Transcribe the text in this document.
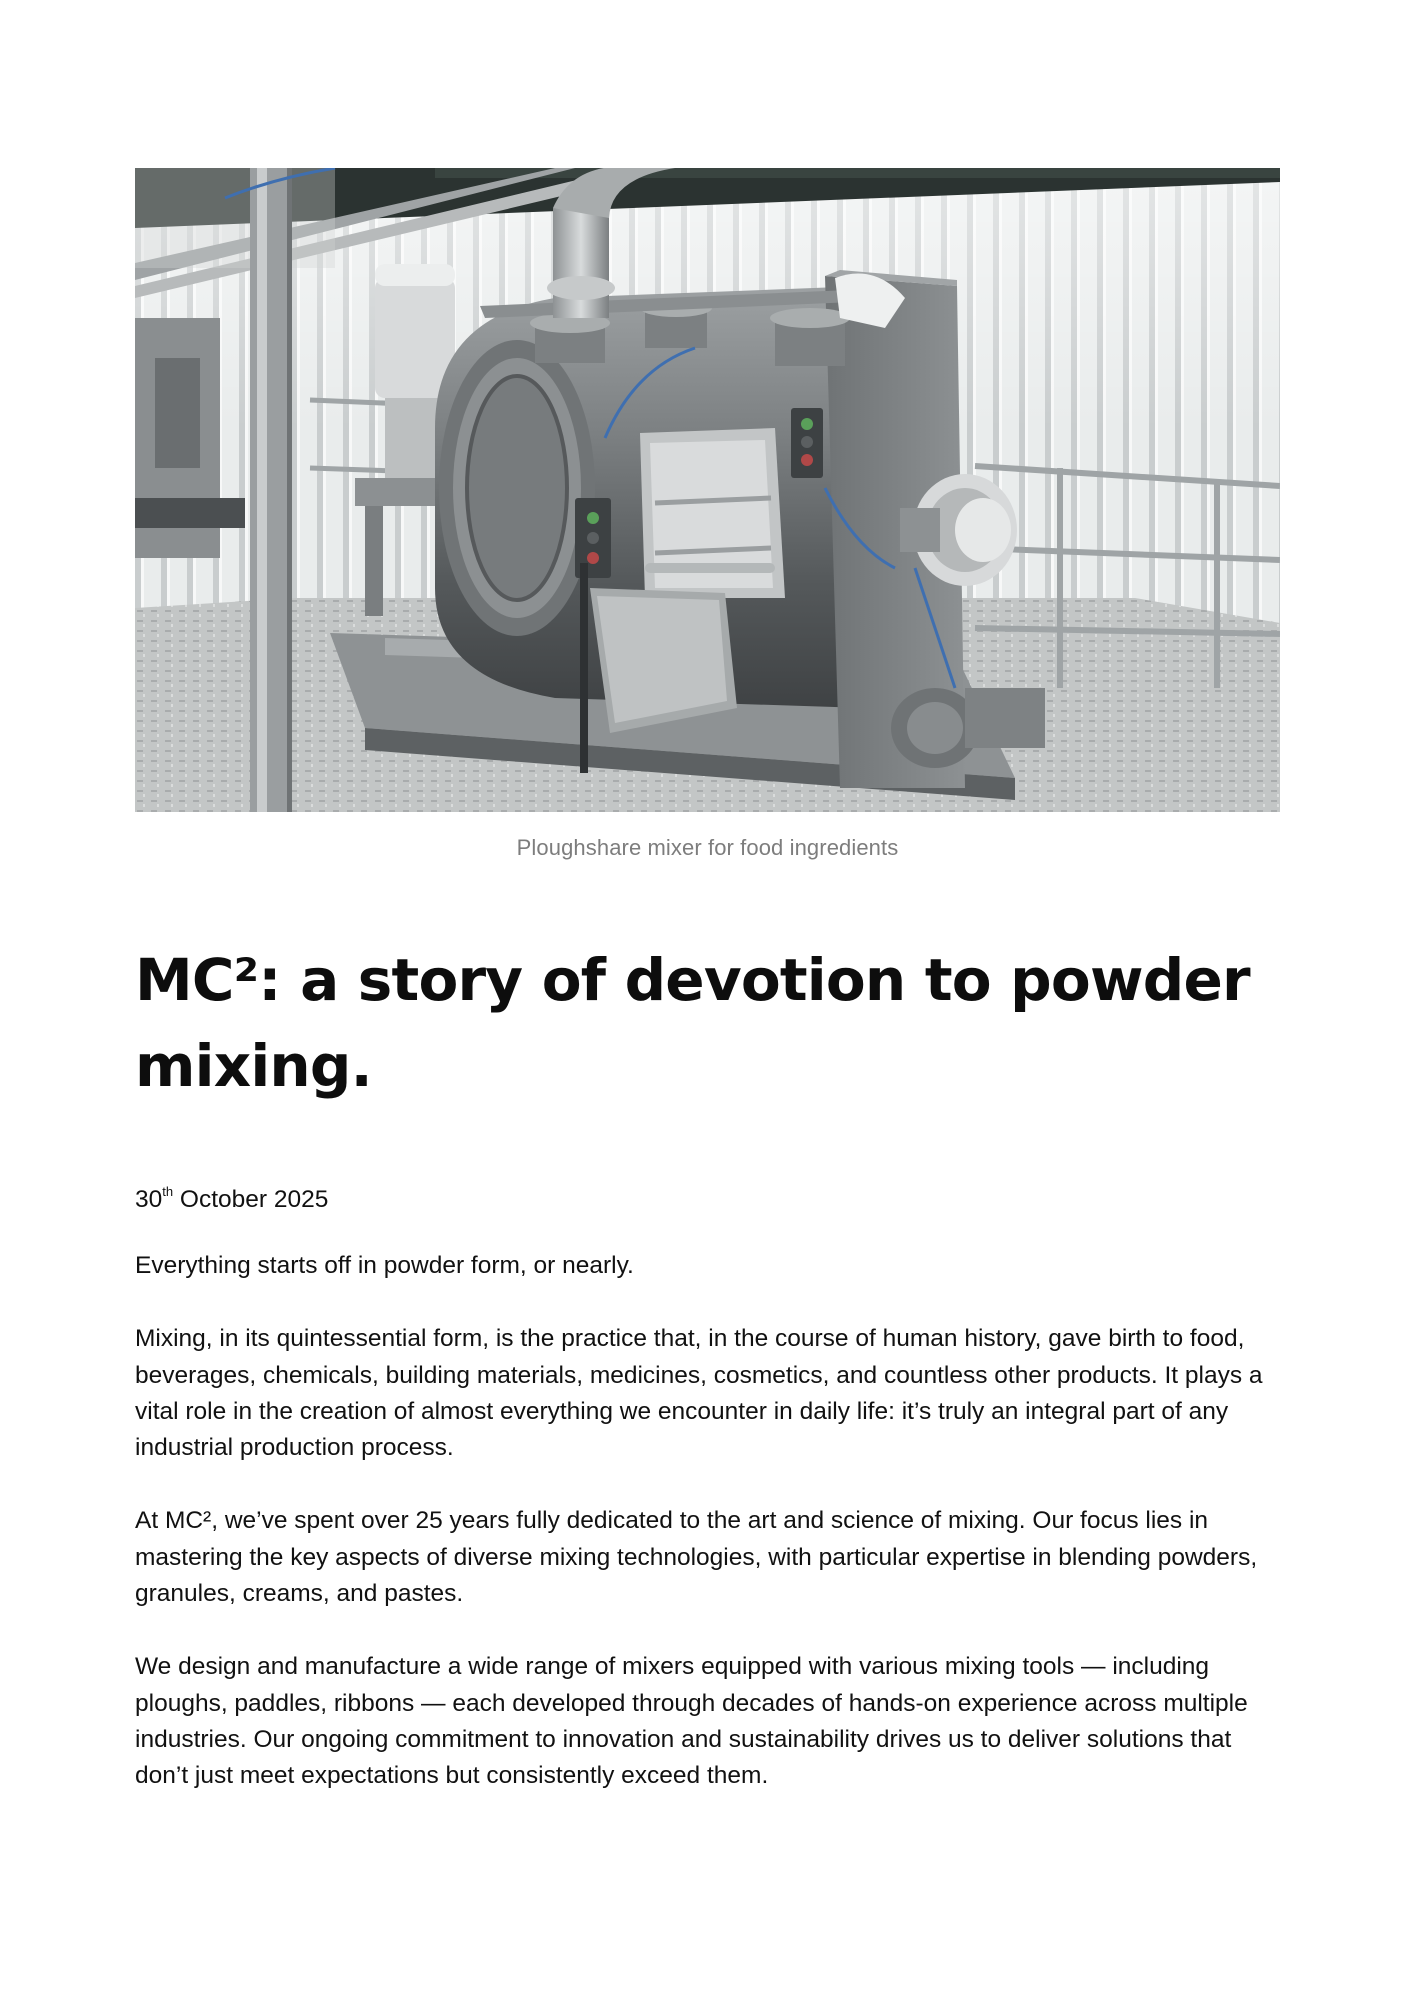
Ploughshare mixer for food ingredients
MC²: a story of devotion to powder mixing.
30th October 2025

Everything starts off in powder form, or nearly.

Mixing, in its quintessential form, is the practice that, in the course of human history, gave birth to food, beverages, chemicals, building materials, medicines, cosmetics, and countless other products. It plays a vital role in the creation of almost everything we encounter in daily life: it’s truly an integral part of any industrial production process.

At MC², we’ve spent over 25 years fully dedicated to the art and science of mixing. Our focus lies in mastering the key aspects of diverse mixing technologies, with particular expertise in blending powders, granules, creams, and pastes.

We design and manufacture a wide range of mixers equipped with various mixing tools — including ploughs, paddles, ribbons — each developed through decades of hands-on experience across multiple industries. Our ongoing commitment to innovation and sustainability drives us to deliver solutions that don’t just meet expectations but consistently exceed them.
